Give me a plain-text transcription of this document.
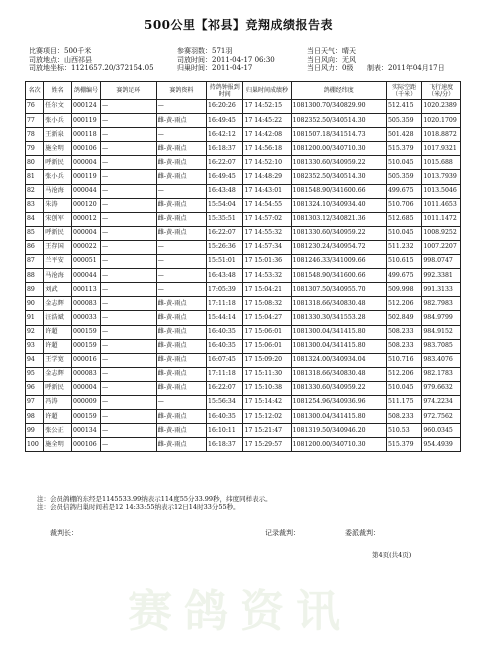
500公里【祁县】竞翔成绩报告表
比赛项目：500千米	参赛羽数：571羽	当日天气：晴天
司放地点：山西祁县	司放时间：2011-04-17 06:30	当日风向：无风
司放地坐标：1121657.20/372154.05	归巢时间：2011-04-17	当日风力：0级	制表：2011年04月17日
名次	姓名	鸽棚编号	赛鸽足环	赛鸽资料	持鸽钟报到时间	归巢时间成绩秒	鸽棚经纬度	实际空距（千米）	飞行速度（米/分）
76	任尔文	000124	—	—	16:20:26	17 14:52:15	1081300.70/340829.90	512.415	1020.2389
77	张小兵	000119	—	雌-黄-雨点	16:49:45	17 14:45:22	1082352.50/340514.30	505.359	1020.1709
78	王新泉	000118	—	—	16:42:12	17 14:42:08	1081507.18/341514.73	501.428	1018.8872
79	施全明	000106	—	雌-黄-雨点	16:18:37	17 14:56:18	1081200.00/340710.30	515.379	1017.9321
80	呼新民	000004	—	雌-黄-雨点	16:22:07	17 14:52:10	1081330.60/340959.22	510.045	1015.688
81	张小兵	000119	—	雌-黄-雨点	16:49:45	17 14:48:29	1082352.50/340514.30	505.359	1013.7939
82	马沧海	000044	—	—	16:43:48	17 14:43:01	1081548.90/341600.66	499.675	1013.5046
83	朱涛	000120	—	雌-黄-雨点	15:54:04	17 14:54:55	1081324.10/340934.40	510.706	1011.4653
84	宋创军	000012	—	雌-黄-雨点	15:35:51	17 14:57:02	1081303.12/340821.36	512.685	1011.1472
85	呼新民	000004	—	雌-黄-雨点	16:22:07	17 14:55:32	1081330.60/340959.22	510.045	1008.9252
86	王存国	000022	—	—	15:26:36	17 14:57:34	1081230.24/340954.72	511.232	1007.2207
87	兰平安	000051	—	—	15:51:01	17 15:01:36	1081246.33/341009.66	510.615	998.0747
88	马沧海	000044	—	—	16:43:48	17 14:53:32	1081548.90/341600.66	499.675	992.3381
89	刘武	000113	—	—	17:05:39	17 15:04:21	1081307.50/340955.70	509.998	991.3133
90	金志辉	000083	—	雌-黄-雨点	17:11:18	17 15:08:32	1081318.66/340830.48	512.206	982.7983
91	汪浩斌	000033	—	雌-黄-雨点	15:44:14	17 15:04:27	1081330.30/341553.28	502.849	984.9799
92	许超	000159	—	雌-黄-雨点	16:40:35	17 15:06:01	1081300.04/341415.80	508.233	984.9152
93	许超	000159	—	雌-黄-雨点	16:40:35	17 15:06:01	1081300.04/341415.80	508.233	983.7085
94	王学宽	000016	—	雌-黄-雨点	16:07:45	17 15:09:20	1081324.00/340934.04	510.716	983.4076
95	金志辉	000083	—	雌-黄-雨点	17:11:18	17 15:11:30	1081318.66/340830.48	512.206	982.1783
96	呼新民	000004	—	雌-黄-雨点	16:22:07	17 15:10:38	1081330.60/340959.22	510.045	979.6632
97	冯涛	000009	—	—	15:56:34	17 15:14:42	1081254.96/340936.96	511.175	974.2234
98	许超	000159	—	雌-黄-雨点	16:40:35	17 15:12:02	1081300.04/341415.80	508.233	972.7562
99	张公正	000134	—	雌-黄-雨点	16:10:11	17 15:21:47	1081319.50/340946.20	510.53	960.0345
100	施全明	000106	—	雌-黄-雨点	16:18:37	17 15:29:57	1081200.00/340710.30	515.379	954.4939
注：会员鸽棚的东经是1145533.99纳表示114度55分33.99秒，纬度同样表示。
注：会员信鸽归巢时间若是12 14:33:55纳表示12日14时33分55秒。
裁判长：	记录裁判：	委派裁判：
第4页(共4页)
赛鸽资讯
